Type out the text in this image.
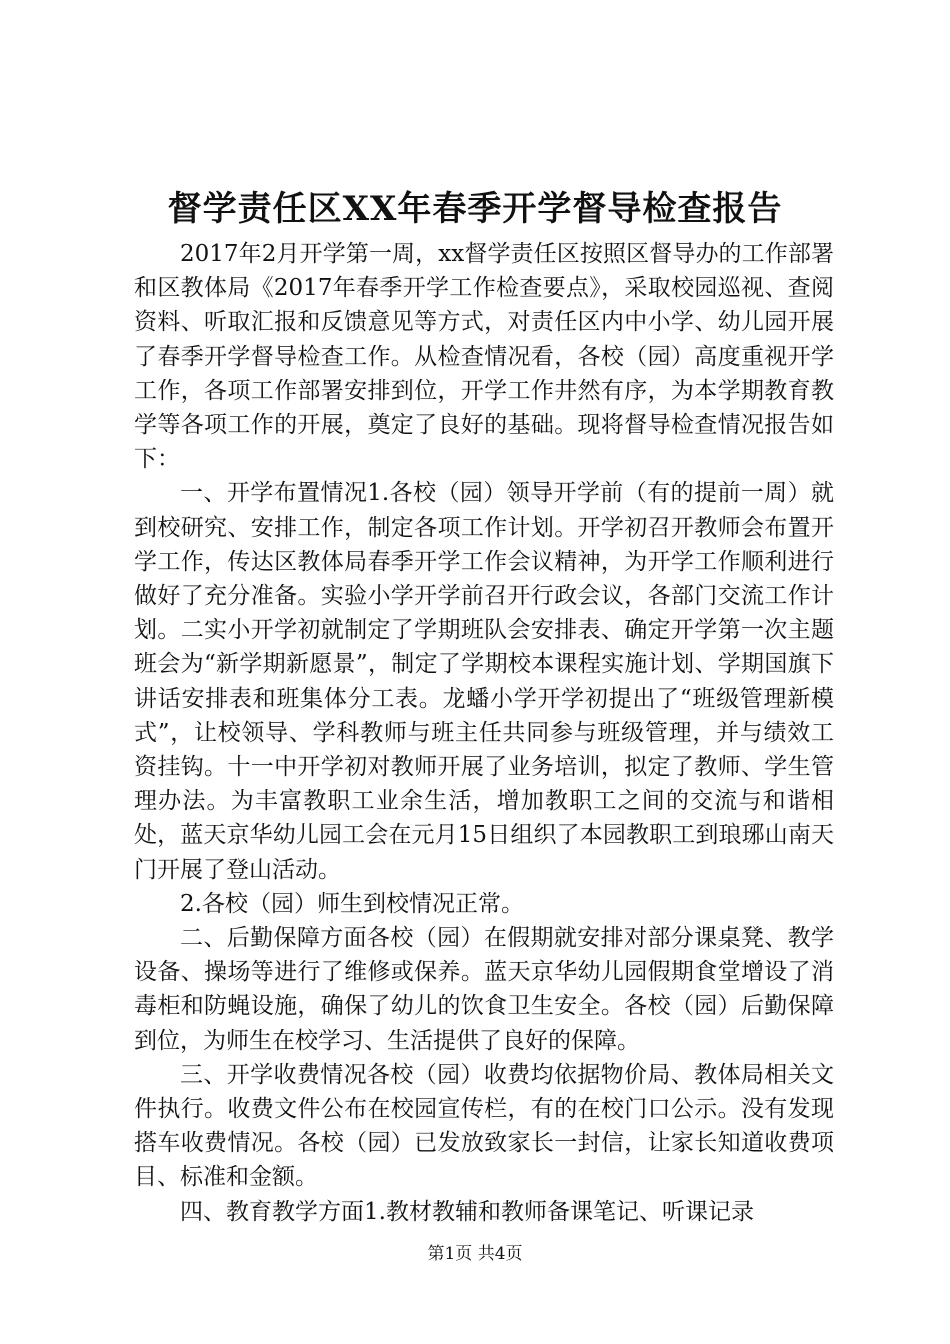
督学责任区XX年春季开学督导检查报告

2017年2月开学第一周，xx督学责任区按照区督导办的工作部署和区教体局《2017年春季开学工作检查要点》，采取校园巡视、查阅资料、听取汇报和反馈意见等方式，对责任区内中小学、幼儿园开展了春季开学督导检查工作。从检查情况看，各校（园）高度重视开学工作，各项工作部署安排到位，开学工作井然有序，为本学期教育教学等各项工作的开展，奠定了良好的基础。现将督导检查情况报告如下：

一、开学布置情况1.各校（园）领导开学前（有的提前一周）就到校研究、安排工作，制定各项工作计划。开学初召开教师会布置开学工作，传达区教体局春季开学工作会议精神，为开学工作顺利进行做好了充分准备。实验小学开学前召开行政会议，各部门交流工作计划。二实小开学初就制定了学期班队会安排表、确定开学第一次主题班会为“新学期新愿景”，制定了学期校本课程实施计划、学期国旗下讲话安排表和班集体分工表。龙蟠小学开学初提出了“班级管理新模式”，让校领导、学科教师与班主任共同参与班级管理，并与绩效工资挂钩。十一中开学初对教师开展了业务培训，拟定了教师、学生管理办法。为丰富教职工业余生活，增加教职工之间的交流与和谐相处，蓝天京华幼儿园工会在元月15日组织了本园教职工到琅琊山南天门开展了登山活动。

2.各校（园）师生到校情况正常。

二、后勤保障方面各校（园）在假期就安排对部分课桌凳、教学设备、操场等进行了维修或保养。蓝天京华幼儿园假期食堂增设了消毒柜和防蝇设施，确保了幼儿的饮食卫生安全。各校（园）后勤保障到位，为师生在校学习、生活提供了良好的保障。

三、开学收费情况各校（园）收费均依据物价局、教体局相关文件执行。收费文件公布在校园宣传栏，有的在校门口公示。没有发现搭车收费情况。各校（园）已发放致家长一封信，让家长知道收费项目、标准和金额。

四、教育教学方面1.教材教辅和教师备课笔记、听课记录

第1页 共4页
